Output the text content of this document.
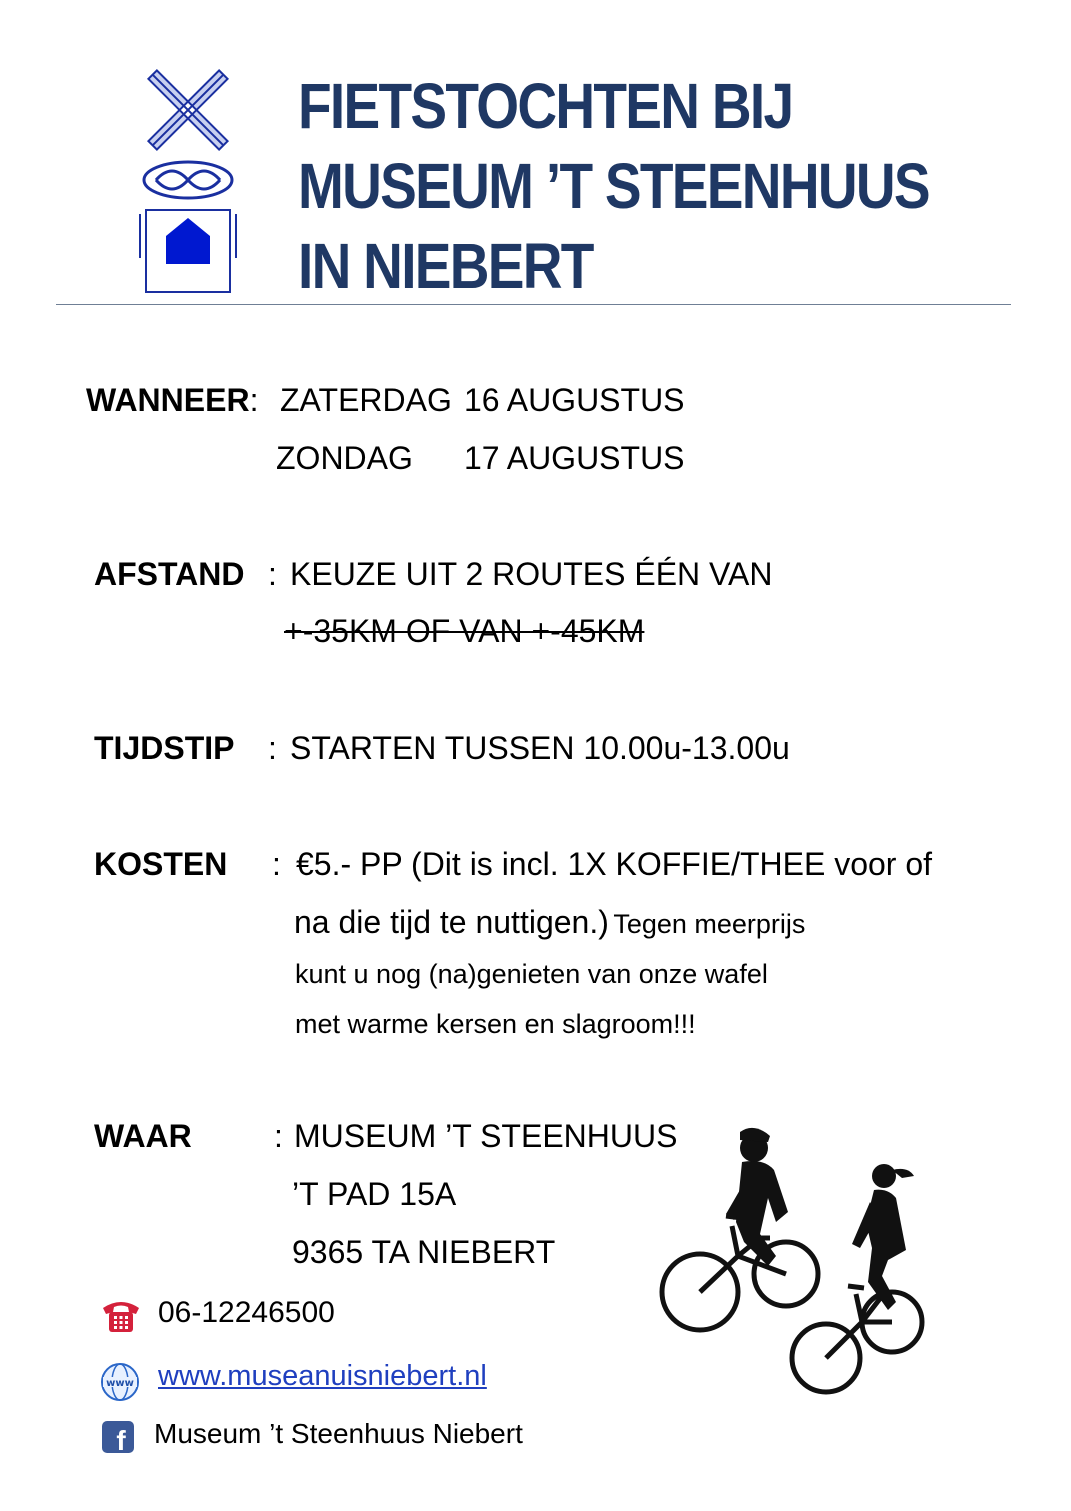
FIETSTOCHTEN BIJ
MUSEUM ’T STEENHUUS
IN NIEBERT
WANNEER: ZATERDAG 16 AUGUSTUS
ZONDAG 17 AUGUSTUS
AFSTAND : KEUZE UIT 2 ROUTES ÉÉN VAN
+-35KM OF VAN +-45KM
TIJDSTIP : STARTEN TUSSEN 10.00u-13.00u
KOSTEN : €5.- PP (Dit is incl. 1X KOFFIE/THEE voor of
na die tijd te nuttigen.) Tegen meerprijs
kunt u nog (na)genieten van onze wafel
met warme kersen en slagroom!!!
WAAR	: MUSEUM ’T STEENHUUS
’T PAD 15A
9365 TA NIEBERT
06-12246500
www www.museanuisniebert.nl
f Museum ’t Steenhuus Niebert
